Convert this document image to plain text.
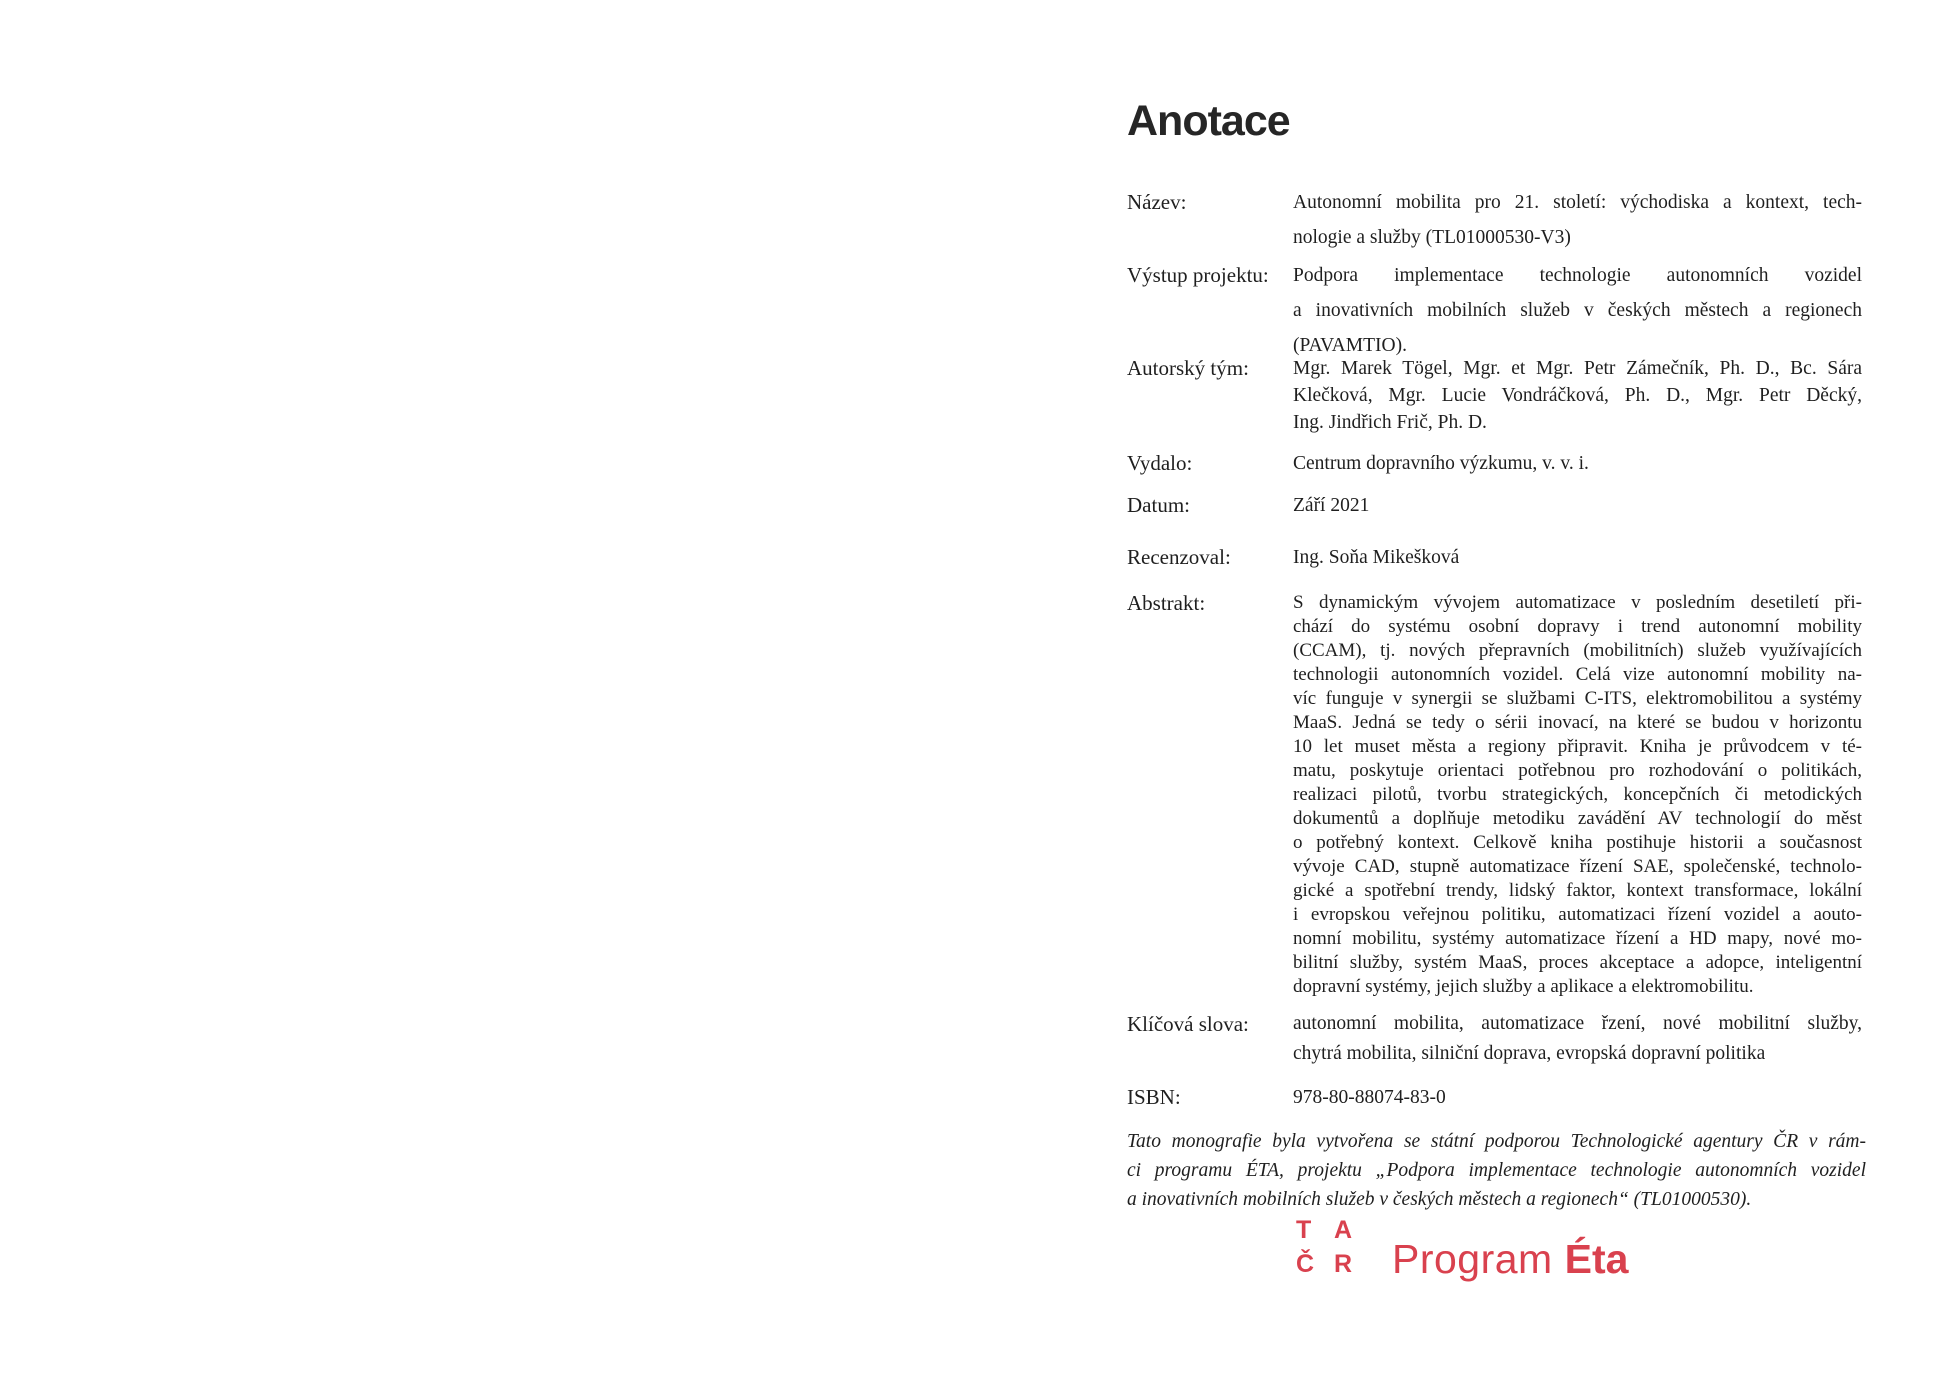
Anotace
Název:	Autonomní mobilita pro 21. století: východiska a kontext, tech-
nologie a služby (TL01000530-V3)
Výstup projektu:	Podpora implementace technologie autonomních vozidel
a inovativních mobilních služeb v českých městech a regionech
(PAVAMTIO).
Autorský tým:	Mgr. Marek Tögel, Mgr. et Mgr. Petr Zámečník, Ph. D., Bc. Sára
Klečková, Mgr. Lucie Vondráčková, Ph. D., Mgr. Petr Děcký,
Ing. Jindřich Frič, Ph. D.
Vydalo:	Centrum dopravního výzkumu, v. v. i.
Datum:	Září 2021
Recenzoval:	Ing. Soňa Mikešková
Abstrakt:	S dynamickým vývojem automatizace v posledním desetiletí při-
chází do systému osobní dopravy i trend autonomní mobility
(CCAM), tj. nových přepravních (mobilitních) služeb využívajících
technologii autonomních vozidel. Celá vize autonomní mobility na-
víc funguje v synergii se službami C-ITS, elektromobilitou a systémy
MaaS. Jedná se tedy o sérii inovací, na které se budou v horizontu
10 let muset města a regiony připravit. Kniha je průvodcem v té-
matu, poskytuje orientaci potřebnou pro rozhodování o politikách,
realizaci pilotů, tvorbu strategických, koncepčních či metodických
dokumentů a doplňuje metodiku zavádění AV technologií do měst
o potřebný kontext. Celkově kniha postihuje historii a současnost
vývoje CAD, stupně automatizace řízení SAE, společenské, technolo-
gické a spotřební trendy, lidský faktor, kontext transformace, lokální
i evropskou veřejnou politiku, automatizaci řízení vozidel a aouto-
nomní mobilitu, systémy automatizace řízení a HD mapy, nové mo-
bilitní služby, systém MaaS, proces akceptace a adopce, inteligentní
dopravní systémy, jejich služby a aplikace a elektromobilitu.
Klíčová slova:	autonomní mobilita, automatizace řzení, nové mobilitní služby,
chytrá mobilita, silniční doprava, evropská dopravní politika
ISBN:	978-80-88074-83-0
Tato monografie byla vytvořena se státní podporou Technologické agentury ČR v rám-
ci programu ÉTA, projektu „Podpora implementace technologie autonomních vozidel
a inovativních mobilních služeb v českých městech a regionech“ (TL01000530).
T A
Č R Program Éta
